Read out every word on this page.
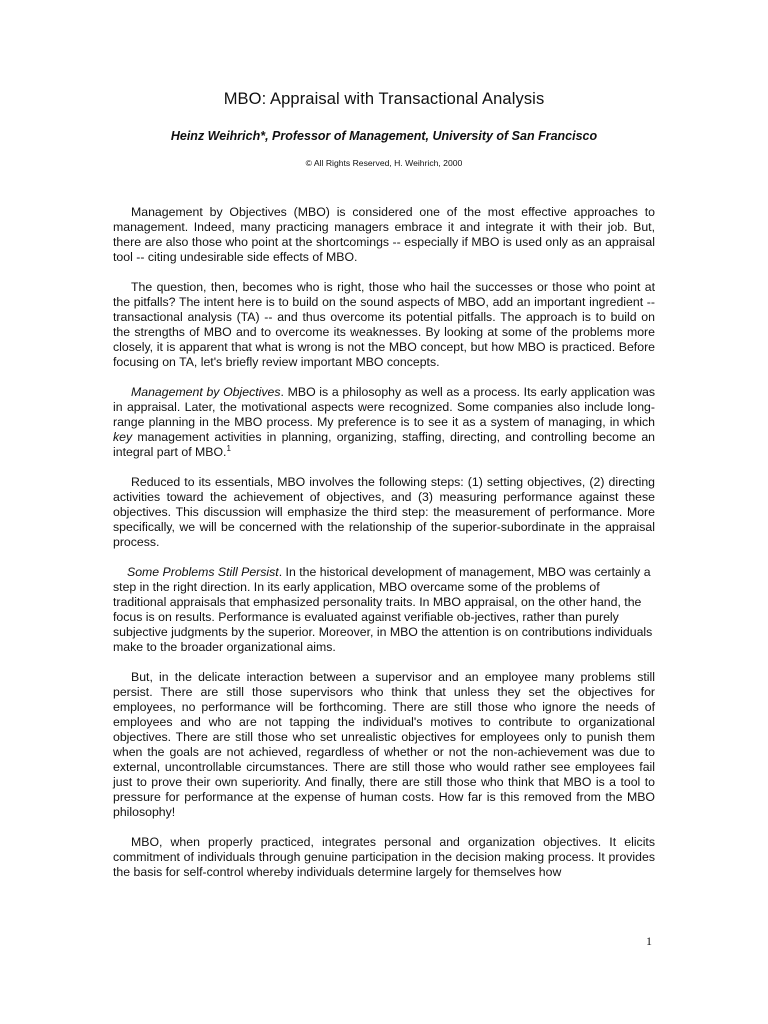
MBO: Appraisal with Transactional Analysis
Heinz Weihrich*, Professor of Management, University of San Francisco
© All Rights Reserved, H. Weihrich, 2000

Management by Objectives (MBO) is considered one of the most effective approaches to management. Indeed, many practicing managers embrace it and integrate it with their job. But, there are also those who point at the shortcomings -- especially if MBO is used only as an appraisal tool -- citing undesirable side effects of MBO.

The question, then, becomes who is right, those who hail the successes or those who point at the pitfalls? The intent here is to build on the sound aspects of MBO, add an important ingredient -- transactional analysis (TA) -- and thus overcome its potential pitfalls. The approach is to build on the strengths of MBO and to overcome its weaknesses. By looking at some of the problems more closely, it is apparent that what is wrong is not the MBO concept, but how MBO is practiced. Before focusing on TA, let's briefly review important MBO concepts.

Management by Objectives. MBO is a philosophy as well as a process. Its early application was in appraisal. Later, the motivational aspects were recognized. Some companies also include long-range planning in the MBO process. My preference is to see it as a system of managing, in which key management activities in planning, organizing, staffing, directing, and controlling become an integral part of MBO.$^1$

Reduced to its essentials, MBO involves the following steps: (1) setting objectives, (2) directing activities toward the achievement of objectives, and (3) measuring performance against these objectives. This discussion will emphasize the third step: the measurement of performance. More specifically, we will be concerned with the relationship of the superior-subordinate in the appraisal process.

Some Problems Still Persist. In the historical development of management, MBO was certainly a step in the right direction. In its early application, MBO overcame some of the problems of traditional appraisals that emphasized personality traits. In MBO appraisal, on the other hand, the focus is on results. Performance is evaluated against verifiable ob-jectives, rather than purely subjective judgments by the superior. Moreover, in MBO the attention is on contributions individuals make to the broader organizational aims.

But, in the delicate interaction between a supervisor and an employee many problems still persist. There are still those supervisors who think that unless they set the objectives for employees, no performance will be forthcoming. There are still those who ignore the needs of employees and who are not tapping the individual's motives to contribute to organizational objectives. There are still those who set unrealistic objectives for employees only to punish them when the goals are not achieved, regardless of whether or not the non-achievement was due to external, uncontrollable circumstances. There are still those who would rather see employees fail just to prove their own superiority. And finally, there are still those who think that MBO is a tool to pressure for performance at the expense of human costs. How far is this removed from the MBO philosophy!

MBO, when properly practiced, integrates personal and organization objectives. It elicits commitment of individuals through genuine participation in the decision making process. It provides the basis for self-control whereby individuals determine largely for themselves how

1
